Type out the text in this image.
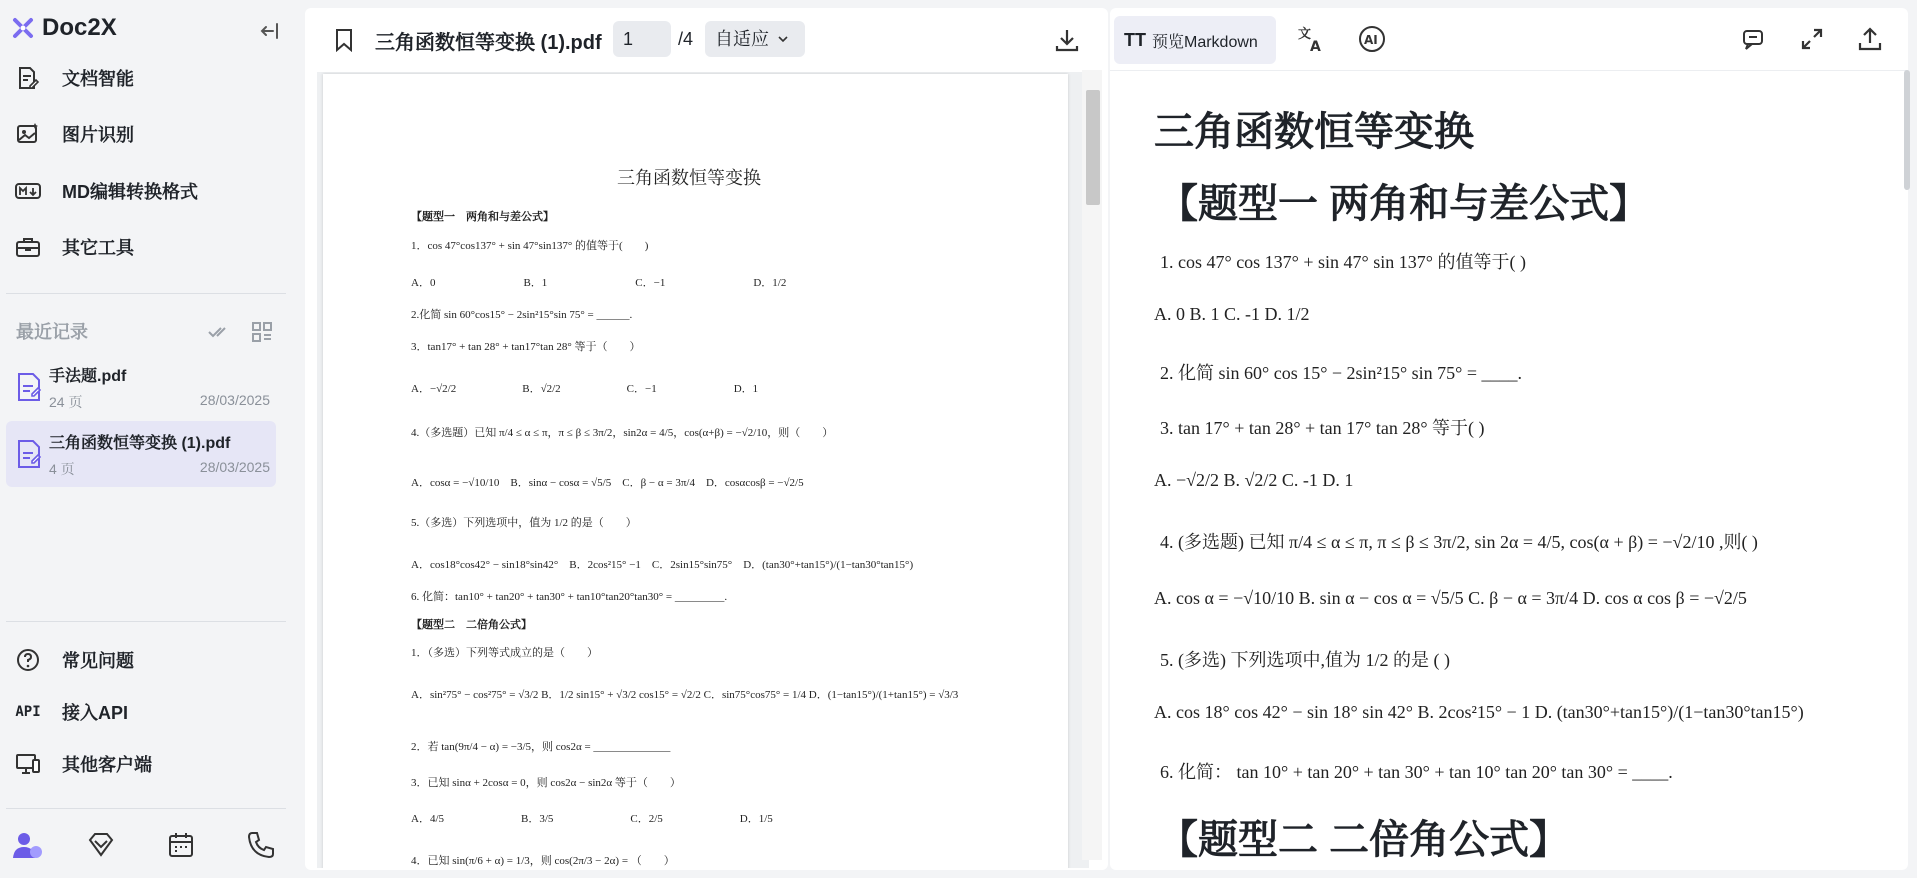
Doc2X
文档智能
图片识别
MD编辑转换格式
其它工具
最近记录
手法题.pdf
24 页	28/03/2025
三角函数恒等变换 (1).pdf
4 页	28/03/2025
常见问题
API 接入API
其他客户端
三角函数恒等变换 (1).pdf	1	/4	自适应
三角函数恒等变换
【题型一　两角和与差公式】
1．cos 47°cos137° + sin 47°sin137° 的值等于(　　)
A．0　　　　　　　　B．1　　　　　　　　C．−1　　　　　　　　D．1/2
2.化简 sin 60°cos15° − 2sin²15°sin 75° = ______.
3．tan17° + tan 28° + tan17°tan 28° 等于（　　）
A．−√2/2　　　　　　B．√2/2　　　　　　C．−1　　　　　　　D．1
4.（多选题）已知 π/4 ≤ α ≤ π，π ≤ β ≤ 3π/2，sin2α = 4/5，cos(α+β) = −√2/10，则（　　）
A．cosα = −√10/10　B．sinα − cosα = √5/5　C．β − α = 3π/4　D．cosαcosβ = −√2/5
5.（多选）下列选项中，值为 1/2 的是（　　）
A．cos18°cos42° − sin18°sin42°　B．2cos²15° −1　C．2sin15°sin75°　D．(tan30°+tan15°)/(1−tan30°tan15°)
6. 化简：tan10° + tan20° + tan30° + tan10°tan20°tan30° = _________.
【题型二　二倍角公式】
1．（多选）下列等式成立的是（　　）
A．sin²75° − cos²75° = √3/2 B．1/2 sin15° + √3/2 cos15° = √2/2 C．sin75°cos75° = 1/4 D．(1−tan15°)/(1+tan15°) = √3/3
2．若 tan(9π/4 − α) = −3/5，则 cos2α = ______________
3．已知 sinα + 2cosα = 0，则 cos2α − sin2α 等于（　　）
A．4/5　　　　　　　B．3/5　　　　　　　C．2/5　　　　　　　D．1/5
4．已知 sin(π/6 + α) = 1/3，则 cos(2π/3 − 2α) = （　　）
TT 预览Markdown	文
A	AI
三角函数恒等变换
【题型一 两角和与差公式】
1. cos 47° cos 137° + sin 47° sin 137° 的值等于( )
A. 0 B. 1 C. -1 D. 1/2
2. 化简 sin 60° cos 15° − 2sin²15° sin 75° = ____.
3. tan 17° + tan 28° + tan 17° tan 28° 等于( )
A. −√2/2 B. √2/2 C. -1 D. 1
4. (多选题) 已知 π/4 ≤ α ≤ π, π ≤ β ≤ 3π/2, sin 2α = 4/5, cos(α + β) = −√2/10 ,则( )
A. cos α = −√10/10 B. sin α − cos α = √5/5 C. β − α = 3π/4 D. cos α cos β = −√2/5
5. (多选) 下列选项中,值为 1/2 的是 ( )
A. cos 18° cos 42° − sin 18° sin 42° B. 2cos²15° − 1 D. (tan30°+tan15°)/(1−tan30°tan15°)
6. 化简： tan 10° + tan 20° + tan 30° + tan 10° tan 20° tan 30° = ____.
【题型二 二倍角公式】
